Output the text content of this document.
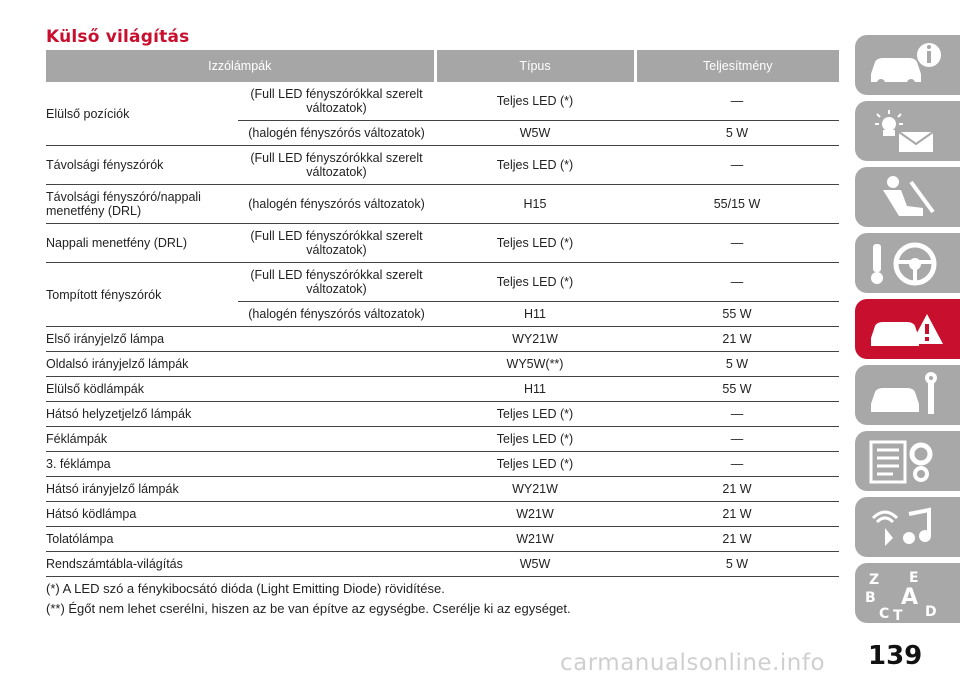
Külső világítás
Izzólámpák		Típus	Teljesítmény
Elülső pozíciók	(Full LED fényszórókkal szerelt változatok)	Teljes LED (*)	—
	(halogén fényszórós változatok)	W5W	5 W
Távolsági fényszórók	(Full LED fényszórókkal szerelt változatok)	Teljes LED (*)	—
Távolsági fényszóró/nappali menetfény (DRL)	(halogén fényszórós változatok)	H15	55/15 W
Nappali menetfény (DRL)	(Full LED fényszórókkal szerelt változatok)	Teljes LED (*)	—
Tompított fényszórók	(Full LED fényszórókkal szerelt változatok)	Teljes LED (*)	—
	(halogén fényszórós változatok)	H11	55 W
Első irányjelző lámpa		WY21W	21 W
Oldalsó irányjelző lámpák		WY5W(**)	5 W
Elülső ködlámpák		H11	55 W
Hátsó helyzetjelző lámpák		Teljes LED (*)	—
Féklámpák		Teljes LED (*)	—
3. féklámpa		Teljes LED (*)	—
Hátsó irányjelző lámpák		WY21W	21 W
Hátsó ködlámpa		W21W	21 W
Tolatólámpa		W21W	21 W
Rendszámtábla-világítás		W5W	5 W
(*) A LED szó a fénykibocsátó dióda (Light Emitting Diode) rövidítése.
(**) Égőt nem lehet cserélni, hiszen az be van építve az egységbe. Cserélje ki az egységet.
Z E
B A
C T D
139
carmanualsonline.info
